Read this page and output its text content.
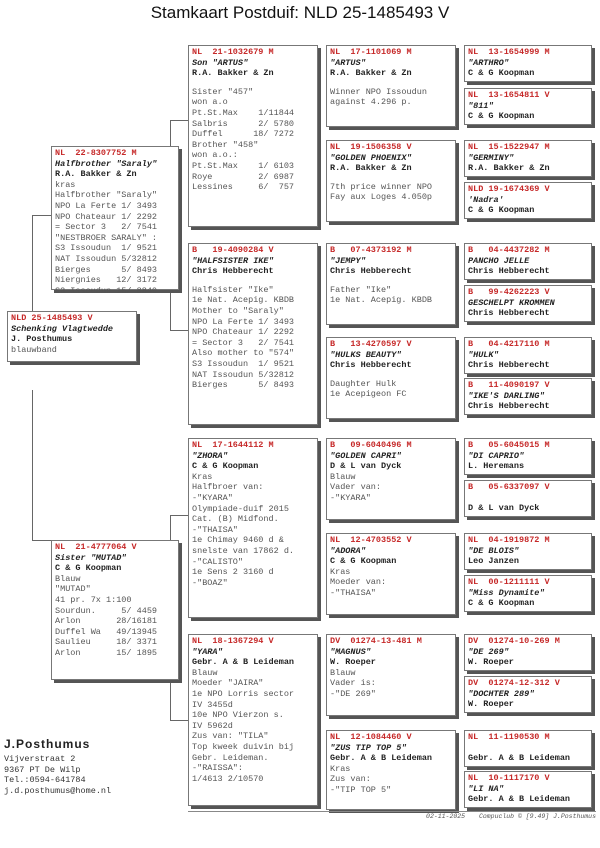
Stamkaart Postduif: NLD 25-1485493 V
NLD 25-1485493 V
Schenking Vlagtwedde
J. Posthumus
blauwband
NL  22-8307752 M
Halfbrother "Saraly"
R.A. Bakker & Zn
kras
Halfbrother "Saraly"
NPO La Ferte 1/ 3493
NPO Chateaur 1/ 2292
= Sector 3   2/ 7541
"NESTBROER SARALY" :
S3 Issoudun  1/ 9521
NAT Issoudun 5/32812
Bierges      5/ 8493
Niergnies   12/ 3172
S3 Issoudun 15/ 8840
NL  21-4777064 V
Sister "MUTAD"
C & G Koopman
Blauw
"MUTAD"
41 pr. 7x 1:100
Sourdun.     5/ 4459
Arlon       28/16181
Duffel Wa   49/13945
Saulieu     18/ 3371
Arlon       15/ 1895
NL  21-1032679 M
Son "ARTUS"
R.A. Bakker & Zn
Sister "457"
won a.o
Pt.St.Max    1/11844
Salbris      2/ 5780
Duffel      18/ 7272
Brother "458"
won a.o.:
Pt.St.Max    1/ 6103
Roye         2/ 6987
Lessines     6/  757
B   19-4090284 V
"HALFSISTER IKE"
Chris Hebberecht
Halfsister "Ike"
1e Nat. Acepig. KBDB
Mother to "Saraly"
NPO La Ferte 1/ 3493
NPO Chateaur 1/ 2292
= Sector 3   2/ 7541
Also mother to "574"
S3 Issoudun  1/ 9521
NAT Issoudun 5/32812
Bierges      5/ 8493
NL  17-1644112 M
"ZHORA"
C & G Koopman
Kras
Halfbroer van:
-"KYARA"
Olympiade-duif 2015
Cat. (B) Midfond.
-"THAISA"
1e Chimay 9460 d &
snelste van 17862 d.
-"CALISTO"
1e Sens 2 3160 d
-"BOAZ"
NL  18-1367294 V
"YARA"
Gebr. A & B Leideman
Blauw
Moeder "JAIRA"
1e NPO Lorris sector
IV 3455d
10e NPO Vierzon s.
IV 5962d
Zus van: "TILA"
Top kweek duivin bij
Gebr. Leideman.
-"RAISSA":
1/4613 2/10570
NL  17-1101069 M
"ARTUS"
R.A. Bakker & Zn
Winner NPO Issoudun
against 4.296 p.
NL  19-1506358 V
"GOLDEN PHOENIX"
R.A. Bakker & Zn
7th price winner NPO
Fay aux Loges 4.050p
B   07-4373192 M
"JEMPY"
Chris Hebberecht
Father "Ike"
1e Nat. Acepig. KBDB
B   13-4270597 V
"HULKS BEAUTY"
Chris Hebberecht
Daughter Hulk
1e Acepigeon FC
B   09-6040496 M
"GOLDEN CAPRI"
D & L van Dyck
Blauw
Vader van:
-"KYARA"
NL  12-4703552 V
"ADORA"
C & G Koopman
Kras
Moeder van:
-"THAISA"
DV  01274-13-481 M
"MAGNUS"
W. Roeper
Blauw
Vader is:
-"DE 269"
NL  12-1084460 V
"ZUS TIP TOP 5"
Gebr. A & B Leideman
Kras
Zus van:
-"TIP TOP 5"
NL  13-1654999 M
"ARTHRO"
C & G Koopman
NL  13-1654811 V
"811"
C & G Koopman
NL  15-1522947 M
"GERMINY"
R.A. Bakker & Zn
NLD 19-1674369 V
'Nadra'
C & G Koopman
B   04-4437282 M
PANCHO JELLE
Chris Hebberecht
B   99-4262223 V
GESCHELPT KROMMEN
Chris Hebberecht
B   04-4217110 M
"HULK"
Chris Hebberecht
B   11-4090197 V
"IKE'S DARLING"
Chris Hebberecht
B   05-6045015 M
"DI CAPRIO"
L. Heremans
B   05-6337097 V
D & L van Dyck
NL  04-1919872 M
"DE BLOIS"
Leo Janzen
NL  00-1211111 V
"Miss Dynamite"
C & G Koopman
DV  01274-10-269 M
"DE 269"
W. Roeper
DV  01274-12-312 V
"DOCHTER 289"
W. Roeper
NL  11-1190530 M
Gebr. A & B Leideman
NL  10-1117170 V
"LI NA"
Gebr. A & B Leideman
J.Posthumus
Vijverstraat 2
9367 PT De Wilp
Tel.:0594-641784
j.d.posthumus@home.nl
02-11-2025 Compuclub © [9.49] J.Posthumus
